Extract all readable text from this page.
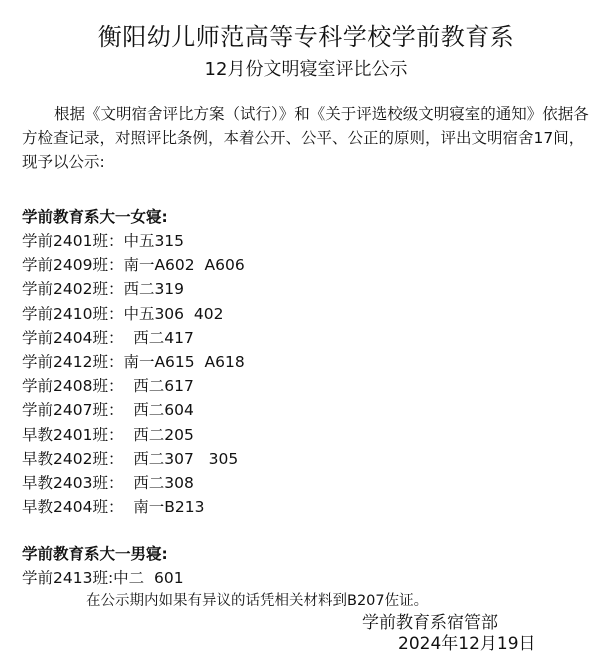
衡阳幼儿师范高等专科学校学前教育系
12月份文明寝室评比公示

根据《文明宿舍评比方案（试行）》和《关于评选校级文明寝室的通知》依据各方检查记录，对照评比条例，本着公开、公平、公正的原则，评出文明宿舍17间，现予以公示:

学前教育系大一女寝:
学前2401班：中五315
学前2409班：南一A602  A606
学前2402班：西二319
学前2410班：中五306  402
学前2404班：  西二417
学前2412班：南一A615  A618
学前2408班：  西二617
学前2407班：  西二604
早教2401班：  西二205
早教2402班：  西二307   305
早教2403班：  西二308
早教2404班：  南一B213
学前教育系大一男寝:
学前2413班:中二  601
在公示期内如果有异议的话凭相关材料到B207佐证。
学前教育系宿管部
2024年12月19日
